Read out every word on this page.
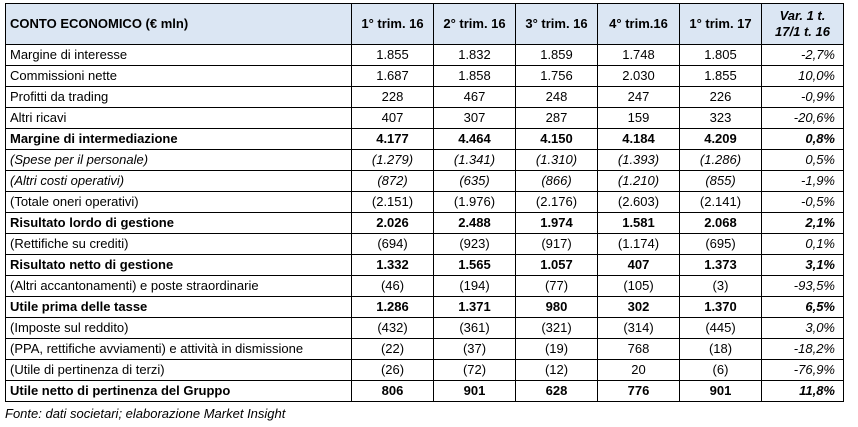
CONTO ECONOMICO (€ mln)	1° trim. 16	2° trim. 16	3° trim. 16	4° trim.16	1° trim. 17	Var. 1 t. 17/1 t. 16
Margine di interesse	1.855	1.832	1.859	1.748	1.805	-2,7%
Commissioni nette	1.687	1.858	1.756	2.030	1.855	10,0%
Profitti da trading	228	467	248	247	226	-0,9%
Altri ricavi	407	307	287	159	323	-20,6%
Margine di intermediazione	4.177	4.464	4.150	4.184	4.209	0,8%
(Spese per il personale)	(1.279)	(1.341)	(1.310)	(1.393)	(1.286)	0,5%
(Altri costi operativi)	(872)	(635)	(866)	(1.210)	(855)	-1,9%
(Totale oneri operativi)	(2.151)	(1.976)	(2.176)	(2.603)	(2.141)	-0,5%
Risultato lordo di gestione	2.026	2.488	1.974	1.581	2.068	2,1%
(Rettifiche su crediti)	(694)	(923)	(917)	(1.174)	(695)	0,1%
Risultato netto di gestione	1.332	1.565	1.057	407	1.373	3,1%
(Altri accantonamenti) e poste straordinarie	(46)	(194)	(77)	(105)	(3)	-93,5%
Utile prima delle tasse	1.286	1.371	980	302	1.370	6,5%
(Imposte sul reddito)	(432)	(361)	(321)	(314)	(445)	3,0%
(PPA, rettifiche avviamenti) e attività in dismissione	(22)	(37)	(19)	768	(18)	-18,2%
(Utile di pertinenza di terzi)	(26)	(72)	(12)	20	(6)	-76,9%
Utile netto di pertinenza del Gruppo	806	901	628	776	901	11,8%
Fonte: dati societari; elaborazione Market Insight
